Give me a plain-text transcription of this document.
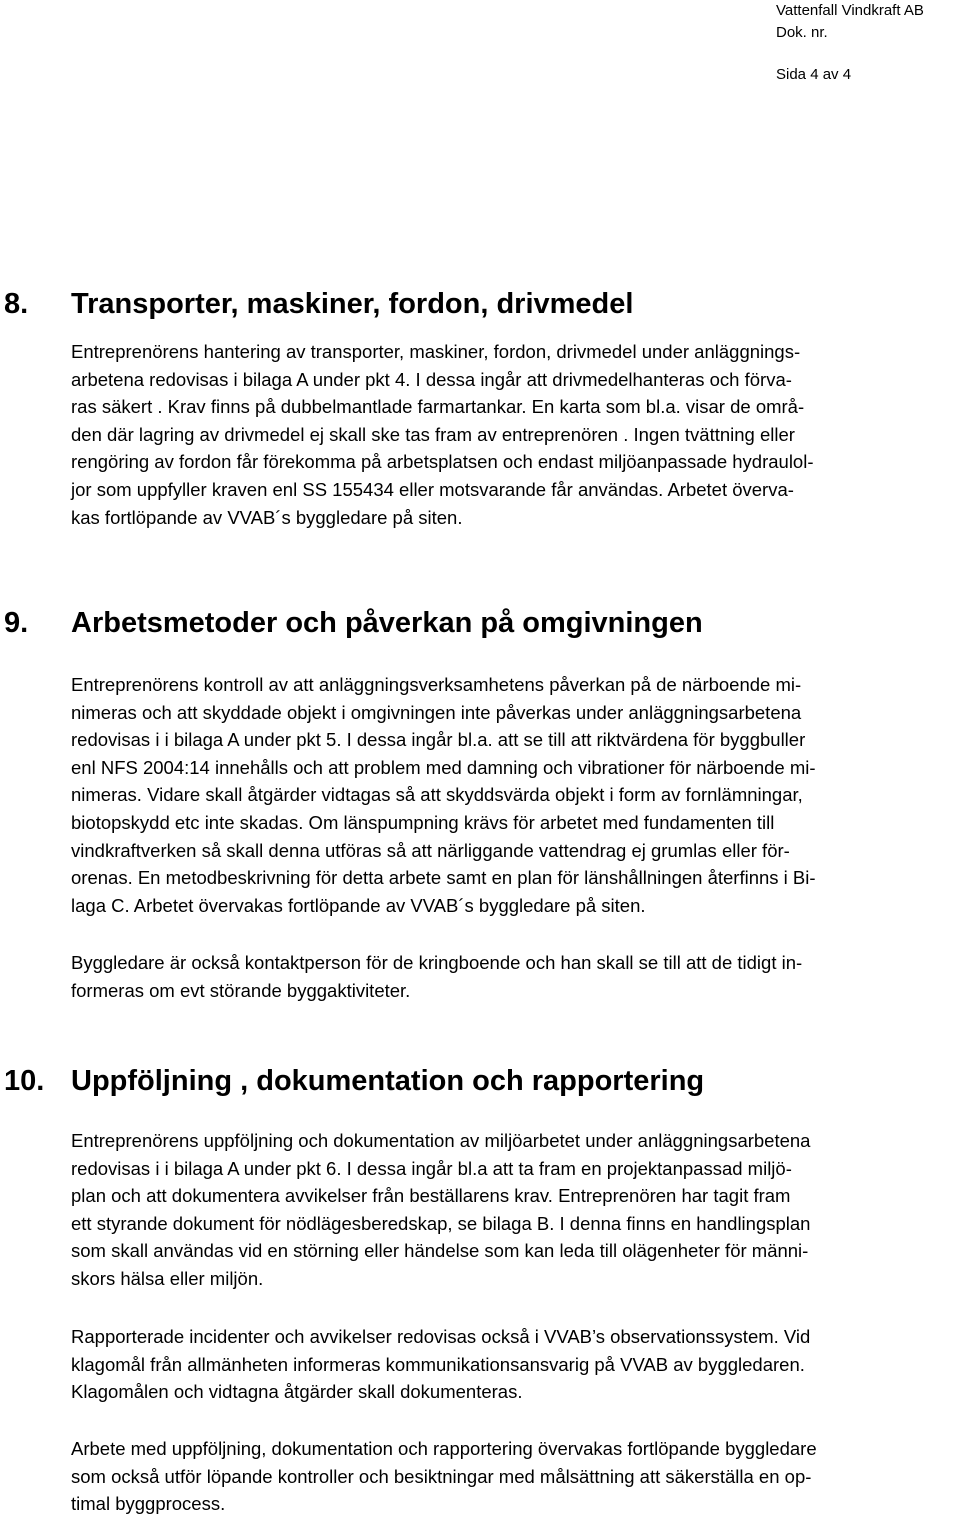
Vattenfall Vindkraft AB
Dok. nr.
Sida 4 av 4
8. Transporter, maskiner, fordon, drivmedel
Entreprenörens hantering av transporter, maskiner, fordon, drivmedel under anläggnings-
arbetena redovisas i bilaga A under pkt 4. I dessa ingår att drivmedelhanteras och förva-
ras säkert . Krav finns på dubbelmantlade farmartankar. En karta som bl.a. visar de områ-
den där lagring av drivmedel ej skall ske tas fram av entreprenören . Ingen tvättning eller
rengöring av fordon får förekomma på arbetsplatsen och endast miljöanpassade hydraulol-
jor som uppfyller kraven enl SS 155434 eller motsvarande får användas. Arbetet överva-
kas fortlöpande av VVAB´s byggledare på siten.
9. Arbetsmetoder och påverkan på omgivningen
Entreprenörens kontroll av att anläggningsverksamhetens påverkan på de närboende mi-
nimeras och att skyddade objekt i omgivningen inte påverkas under anläggningsarbetena
redovisas i i bilaga A under pkt 5. I dessa ingår bl.a. att se till att riktvärdena för byggbuller
enl NFS 2004:14 innehålls och att problem med damning och vibrationer för närboende mi-
nimeras. Vidare skall åtgärder vidtagas så att skyddsvärda objekt i form av fornlämningar,
biotopskydd etc inte skadas. Om länspumpning krävs för arbetet med fundamenten till
vindkraftverken så skall denna utföras så att närliggande vattendrag ej grumlas eller för-
orenas. En metodbeskrivning för detta arbete samt en plan för länshållningen återfinns i Bi-
laga C. Arbetet övervakas fortlöpande av VVAB´s byggledare på siten.
Byggledare är också kontaktperson för de kringboende och han skall se till att de tidigt in-
formeras om evt störande byggaktiviteter.
10. Uppföljning , dokumentation och rapportering
Entreprenörens uppföljning och dokumentation av miljöarbetet under anläggningsarbetena
redovisas i i bilaga A under pkt 6. I dessa ingår bl.a att ta fram en projektanpassad miljö-
plan och att dokumentera avvikelser från beställarens krav. Entreprenören har tagit fram
ett styrande dokument för nödlägesberedskap, se bilaga B. I denna finns en handlingsplan
som skall användas vid en störning eller händelse som kan leda till olägenheter för männi-
skors hälsa eller miljön.
Rapporterade incidenter och avvikelser redovisas också i VVAB’s observationssystem. Vid
klagomål från allmänheten informeras kommunikationsansvarig på VVAB av byggledaren.
Klagomålen och vidtagna åtgärder skall dokumenteras.
Arbete med uppföljning, dokumentation och rapportering övervakas fortlöpande byggledare
som också utför löpande kontroller och besiktningar med målsättning att säkerställa en op-
timal byggprocess.
